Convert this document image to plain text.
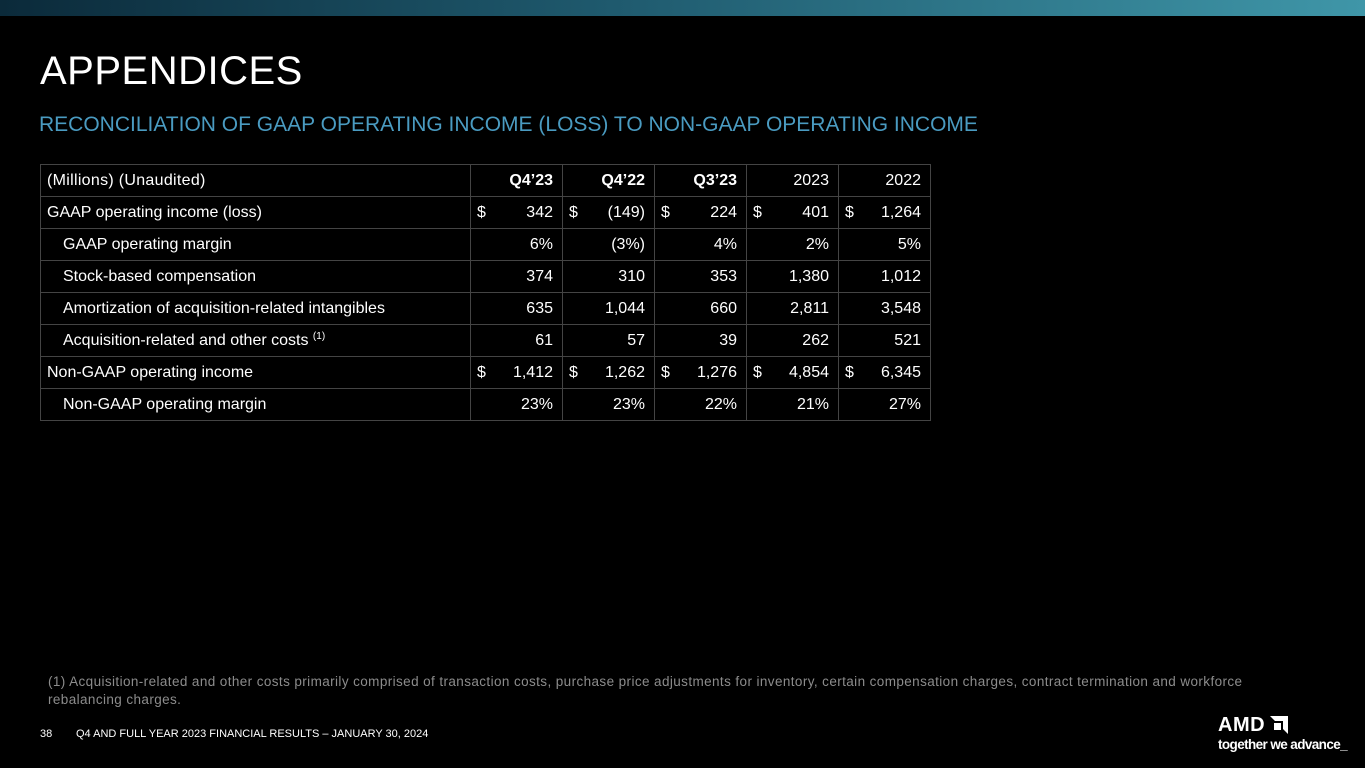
APPENDICES
RECONCILIATION OF GAAP OPERATING INCOME (LOSS) TO NON-GAAP OPERATING INCOME
(Millions) (Unaudited)	Q4’23	Q4’22	Q3’23	2023	2022
GAAP operating income (loss)	$ 342	$ (149)	$ 224	$ 401	$ 1,264

GAAP operating margin	6%	(3%)	4%	2%	5%
Stock-based compensation	374	310	353	1,380	1,012
Amortization of acquisition-related intangibles	635	1,044	660	2,811	3,548
Acquisition-related and other costs $^{(1)}$	61	57	39	262	521
Non-GAAP operating income	$ 1,412	$ 1,262	$ 1,276	$ 4,854	$ 6,345

Non-GAAP operating margin	23%	23%	22%	21%	27%

(1) Acquisition-related and other costs primarily comprised of transaction costs, purchase price adjustments for inventory, certain compensation charges, contract termination and workforce rebalancing charges.

38 Q4 AND FULL YEAR 2023 FINANCIAL RESULTS – JANUARY 30, 2024	AMD
together we advance_
